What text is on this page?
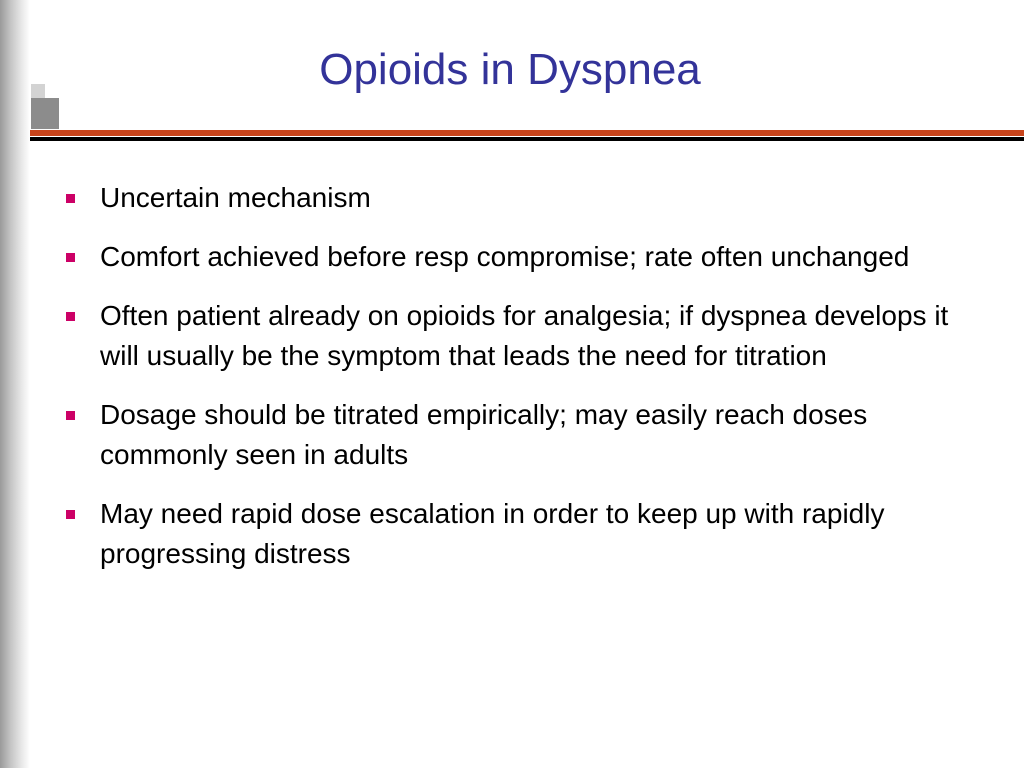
Opioids in Dyspnea
Uncertain mechanism
Comfort achieved before resp compromise; rate often unchanged
Often patient already on opioids for analgesia; if dyspnea develops it will usually be the symptom that leads the need for titration
Dosage should be titrated empirically; may easily reach doses commonly seen in adults
May need rapid dose escalation in order to keep up with rapidly progressing distress
